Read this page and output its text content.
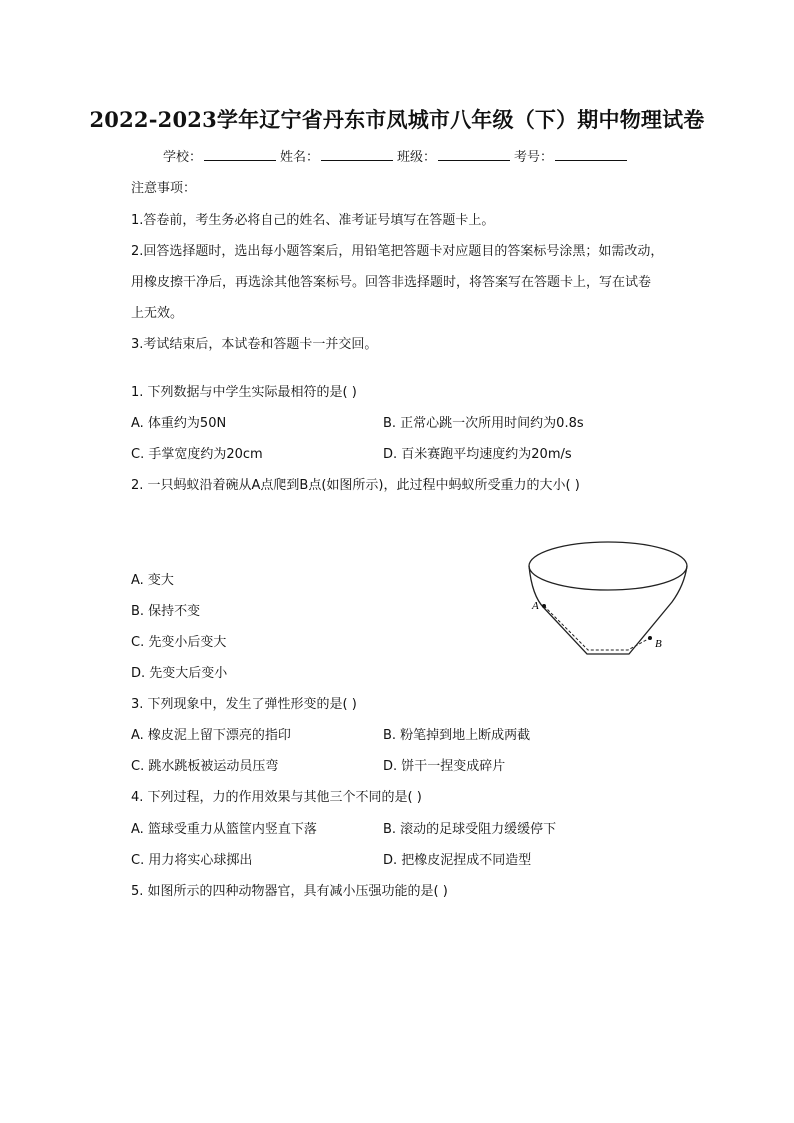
2022-2023学年辽宁省丹东市凤城市八年级（下）期中物理试卷
学校：	姓名：	班级：	考号：
注意事项：
1.答卷前，考生务必将自己的姓名、准考证号填写在答题卡上。
2.回答选择题时，选出每小题答案后，用铅笔把答题卡对应题目的答案标号涂黑；如需改动，
用橡皮擦干净后，再选涂其他答案标号。回答非选择题时，将答案写在答题卡上，写在试卷
上无效。
3.考试结束后，本试卷和答题卡一并交回。
1. 下列数据与中学生实际最相符的是( )
A. 体重约为50N	B. 正常心跳一次所用时间约为0.8s
C. 手掌宽度约为20cm	D. 百米赛跑平均速度约为20m/s
2. 一只蚂蚁沿着碗从A点爬到B点(如图所示)，此过程中蚂蚁所受重力的大小( )
A. 变大
B. 保持不变
C. 先变小后变大
D. 先变大后变小
A
B
3. 下列现象中，发生了弹性形变的是( )
A. 橡皮泥上留下漂亮的指印	B. 粉笔掉到地上断成两截
C. 跳水跳板被运动员压弯	D. 饼干一捏变成碎片
4. 下列过程，力的作用效果与其他三个不同的是( )
A. 篮球受重力从篮筐内竖直下落	B. 滚动的足球受阻力缓缓停下
C. 用力将实心球掷出	D. 把橡皮泥捏成不同造型
5. 如图所示的四种动物器官，具有减小压强功能的是( )
